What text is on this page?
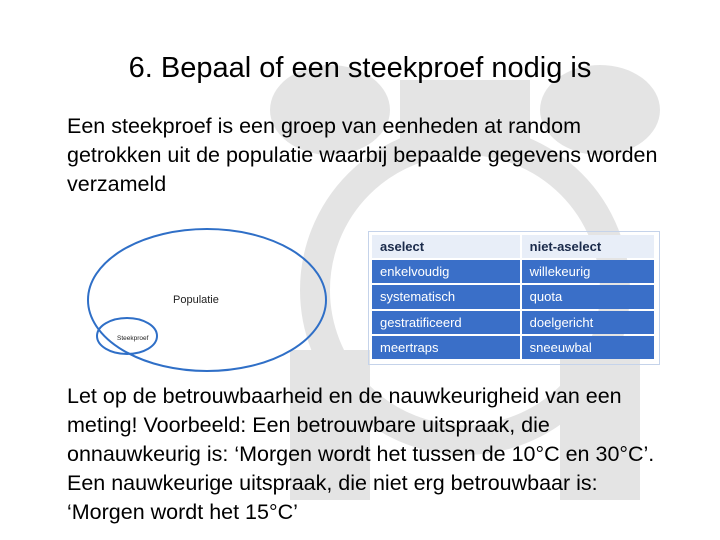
6. Bepaal of een steekproef nodig is

Een steekproef is een groep van eenheden at random getrokken uit de populatie waarbij bepaalde gegevens worden verzameld

Populatie
Steekproef
aselect	niet-aselect
enkelvoudig	willekeurig
systematisch	quota
gestratificeerd	doelgericht
meertraps	sneeuwbal

Let op de betrouwbaarheid en de nauwkeurigheid van een meting! Voorbeeld: Een betrouwbare uitspraak, die onnauwkeurig is: ‘Morgen wordt het tussen de 10°C en 30°C’. Een nauwkeurige uitspraak, die niet erg betrouwbaar is: ‘Morgen wordt het 15°C’
